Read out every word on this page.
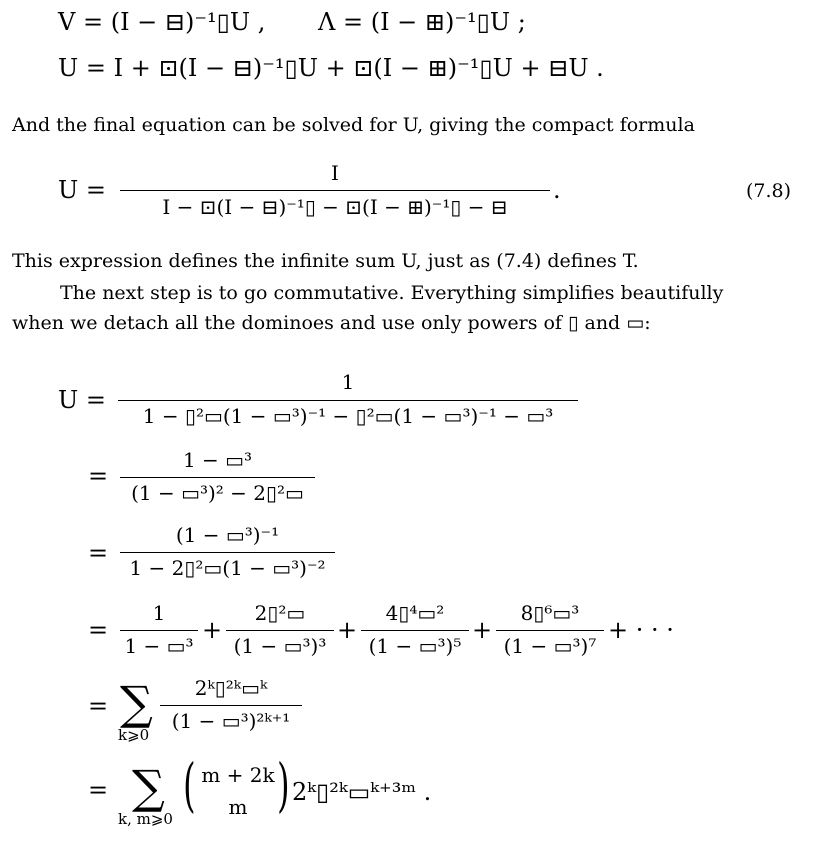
V = (I − ⊟)⁻¹▯U , Λ = (I − ⊞)⁻¹▯U ;
U = I + ⊡(I − ⊟)⁻¹▯U + ⊡(I − ⊞)⁻¹▯U + ⊟U .
And the final equation can be solved for U, giving the compact formula
U =
I
I − ⊡(I − ⊟)⁻¹▯ − ⊡(I − ⊞)⁻¹▯ − ⊟
.	(7.8)
This expression defines the infinite sum U, just as (7.4) defines T.
The next step is to go commutative. Everything simplifies beautifully
when we detach all the dominoes and use only powers of ▯ and ▭:
U =
1
1 − ▯²▭(1 − ▭³)⁻¹ − ▯²▭(1 − ▭³)⁻¹ − ▭³
=
1 − ▭³
(1 − ▭³)² − 2▯²▭
=
(1 − ▭³)⁻¹
1 − 2▯²▭(1 − ▭³)⁻²
=
1
1 − ▭³
+
2▯²▭
(1 − ▭³)³
+
4▯⁴▭²
(1 − ▭³)⁵
+
8▯⁶▭³
(1 − ▭³)⁷
+ · · ·
= ∑
k⩾0
2ᵏ▯²ᵏ▭ᵏ
(1 − ▭³)²ᵏ⁺¹
= ∑
k, m⩾0 ( m + 2k
m ) 2ᵏ▯²ᵏ▭ᵏ⁺³ᵐ .
